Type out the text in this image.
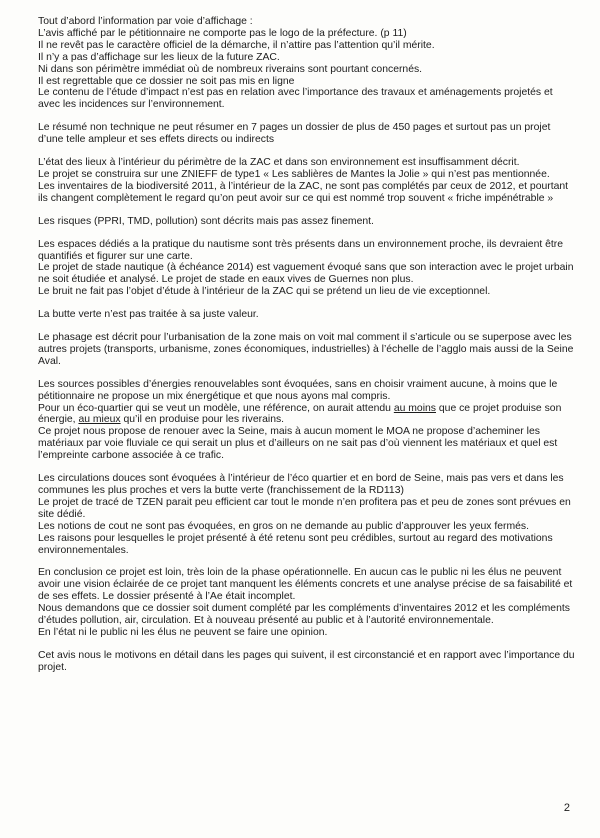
Tout d’abord l’information par voie d’affichage :
L’avis affiché par le pétitionnaire ne comporte pas le logo de la préfecture. (p 11)
Il ne revêt pas le caractère officiel de la démarche, il n’attire pas l’attention qu’il mérite.
Il n’y a pas d’affichage sur les lieux de la future ZAC.
Ni dans son périmètre immédiat où de nombreux riverains sont pourtant concernés.
Il est regrettable que ce dossier ne soit pas mis en ligne
Le contenu de l’étude d’impact n’est pas en relation avec l’importance des travaux et aménagements projetés et
avec les incidences sur l’environnement.
Le résumé non technique ne peut résumer en 7 pages un dossier de plus de 450 pages et surtout pas un projet
d’une telle ampleur et ses effets directs ou indirects
L’état des lieux à l’intérieur du périmètre de la ZAC et dans son environnement est insuffisamment décrit.
Le projet se construira sur une ZNIEFF de type1 « Les sablières de Mantes la Jolie » qui n’est pas mentionnée.
Les inventaires de la biodiversité 2011, à l’intérieur de la ZAC, ne sont pas complétés par ceux de 2012, et pourtant
ils changent complètement le regard qu’on peut avoir sur ce qui est nommé trop souvent « friche impénétrable »
Les risques (PPRI, TMD, pollution) sont décrits mais pas assez finement.
Les espaces dédiés a la pratique du nautisme sont très présents dans un environnement proche, ils devraient être
quantifiés et figurer sur une carte.
Le projet de stade nautique (à échéance 2014) est vaguement évoqué sans que son interaction avec le projet urbain
ne soit étudiée et analysé. Le projet de stade en eaux vives de Guernes non plus.
Le bruit ne fait pas l’objet d’étude à l’intérieur de la ZAC qui se prétend un lieu de vie exceptionnel.
La butte verte n’est pas traitée à sa juste valeur.
Le phasage est décrit pour l’urbanisation de la zone mais on voit mal comment il s’articule ou se superpose avec les
autres projets (transports, urbanisme, zones économiques, industrielles) à l’échelle de l’agglo mais aussi de la Seine
Aval.
Les sources possibles d’énergies renouvelables sont évoquées, sans en choisir vraiment aucune, à moins que le
pétitionnaire ne propose un mix énergétique et que nous ayons mal compris.
Pour un éco-quartier qui se veut un modèle, une référence, on aurait attendu au moins que ce projet produise son
énergie, au mieux qu’il en produise pour les riverains.
Ce projet nous propose de renouer avec la Seine, mais à aucun moment le MOA ne propose d’acheminer les
matériaux par voie fluviale ce qui serait un plus et d’ailleurs on ne sait pas d’où viennent les matériaux et quel est
l’empreinte carbone associée à ce trafic.
Les circulations douces sont évoquées à l’intérieur de l’éco quartier et en bord de Seine, mais pas vers et dans les
communes les plus proches et vers la butte verte (franchissement de la RD113)
Le projet de tracé de TZEN parait peu efficient car tout le monde n’en profitera pas et peu de zones sont prévues en
site dédié.
Les notions de cout ne sont pas évoquées, en gros on ne demande au public d’approuver les yeux fermés.
Les raisons pour lesquelles le projet présenté à été retenu sont peu crédibles, surtout au regard des motivations
environnementales.
En conclusion ce projet est loin, très loin de la phase opérationnelle. En aucun cas le public ni les élus ne peuvent
avoir une vision éclairée de ce projet tant manquent les éléments concrets et une analyse précise de sa faisabilité et
de ses effets. Le dossier présenté à l’Ae était incomplet.
Nous demandons que ce dossier soit dument complété par les compléments d’inventaires 2012 et les compléments
d’études pollution, air, circulation. Et à nouveau présenté au public et à l’autorité environnementale.
En l’état ni le public ni les élus ne peuvent se faire une opinion.
Cet avis nous le motivons en détail dans les pages qui suivent, il est circonstancié et en rapport avec l’importance du
projet.
2
